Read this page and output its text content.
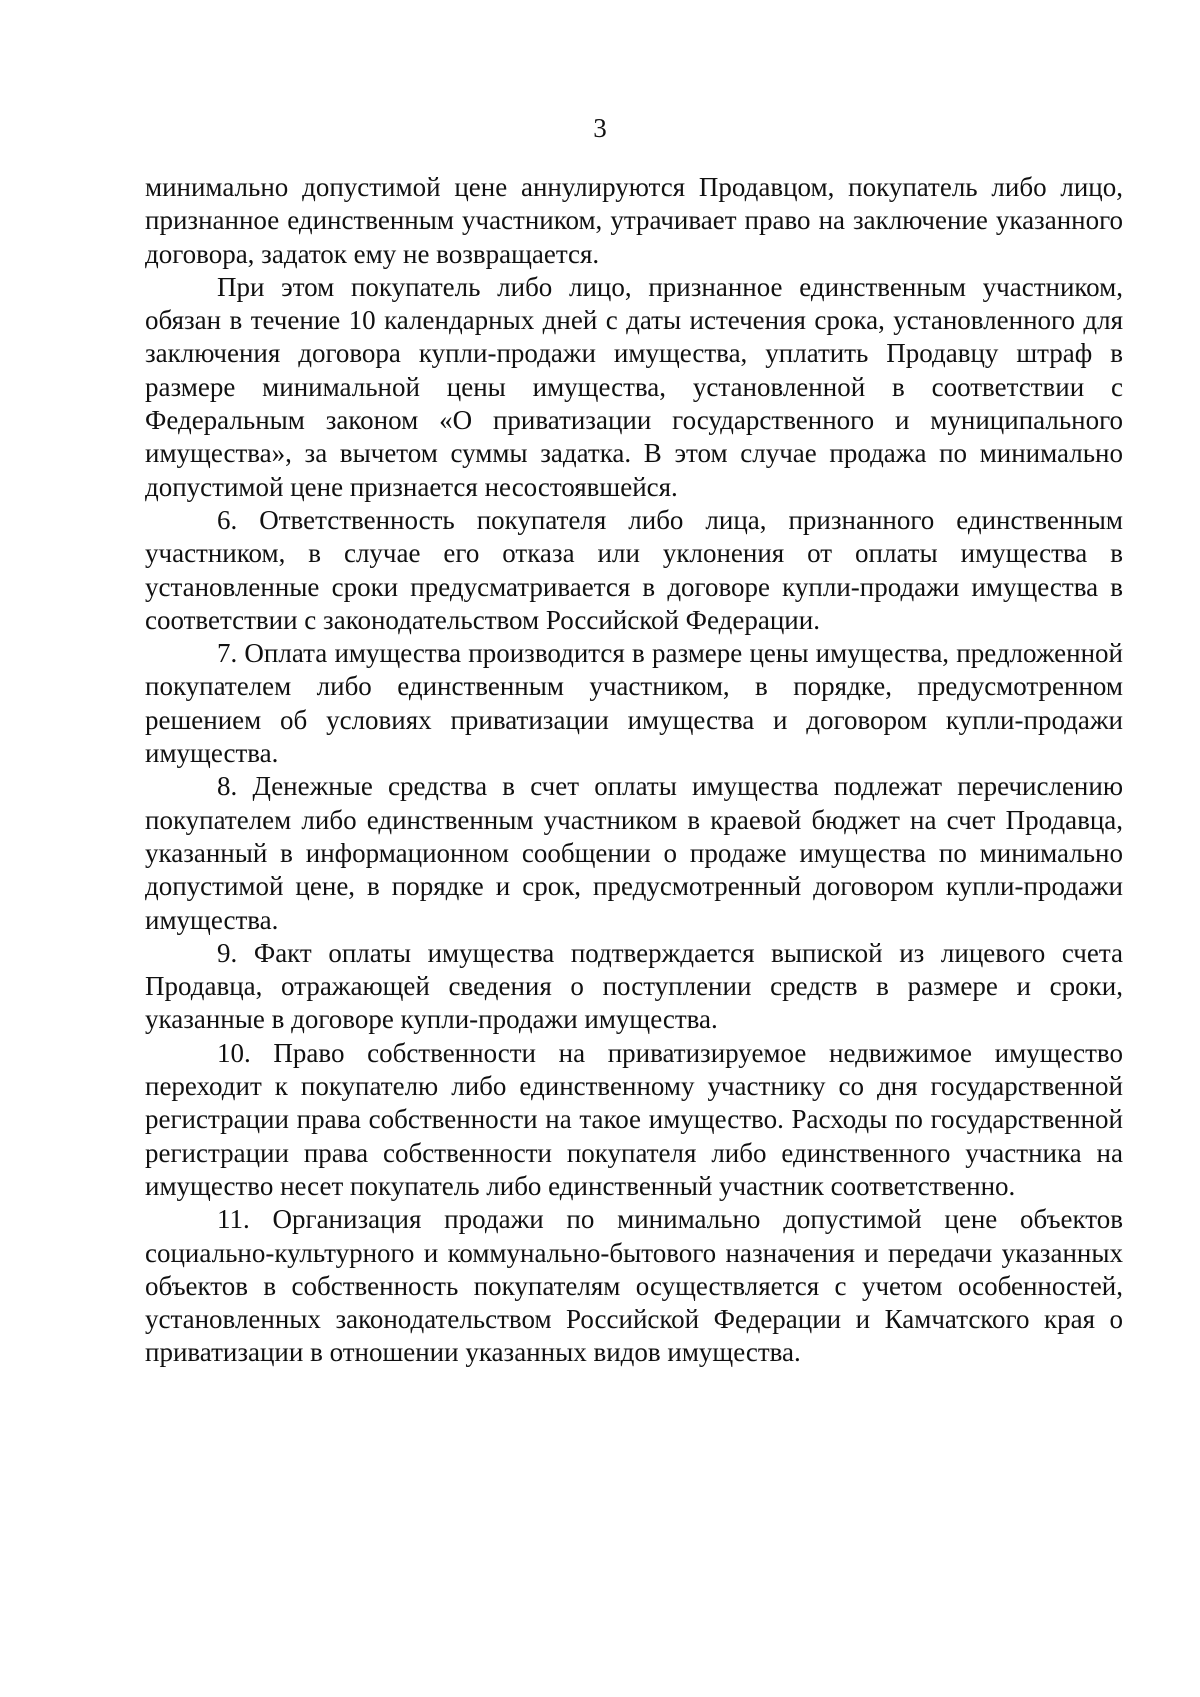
3

минимально допустимой цене аннулируются Продавцом, покупатель либо лицо, признанное единственным участником, утрачивает право на заключение указанного договора, задаток ему не возвращается.

При этом покупатель либо лицо, признанное единственным участником, обязан в течение 10 календарных дней с даты истечения срока, установленного для заключения договора купли-продажи имущества, уплатить Продавцу штраф в размере минимальной цены имущества, установленной в соответствии с Федеральным законом «О приватизации государственного и муниципального имущества», за вычетом суммы задатка. В этом случае продажа по минимально допустимой цене признается несостоявшейся.

6. Ответственность покупателя либо лица, признанного единственным участником, в случае его отказа или уклонения от оплаты имущества в установленные сроки предусматривается в договоре купли-продажи имущества в соответствии с законодательством Российской Федерации.

7. Оплата имущества производится в размере цены имущества, предложенной покупателем либо единственным участником, в порядке, предусмотренном решением об условиях приватизации имущества и договором купли-продажи имущества.

8. Денежные средства в счет оплаты имущества подлежат перечислению покупателем либо единственным участником в краевой бюджет на счет Продавца, указанный в информационном сообщении о продаже имущества по минимально допустимой цене, в порядке и срок, предусмотренный договором купли-продажи имущества.

9. Факт оплаты имущества подтверждается выпиской из лицевого счета Продавца, отражающей сведения о поступлении средств в размере и сроки, указанные в договоре купли-продажи имущества.

10. Право собственности на приватизируемое недвижимое имущество переходит к покупателю либо единственному участнику со дня государственной регистрации права собственности на такое имущество. Расходы по государственной регистрации права собственности покупателя либо единственного участника на имущество несет покупатель либо единственный участник соответственно.

11. Организация продажи по минимально допустимой цене объектов социально-культурного и коммунально-бытового назначения и передачи указанных объектов в собственность покупателям осуществляется с учетом особенностей, установленных законодательством Российской Федерации и Камчатского края о приватизации в отношении указанных видов имущества.
